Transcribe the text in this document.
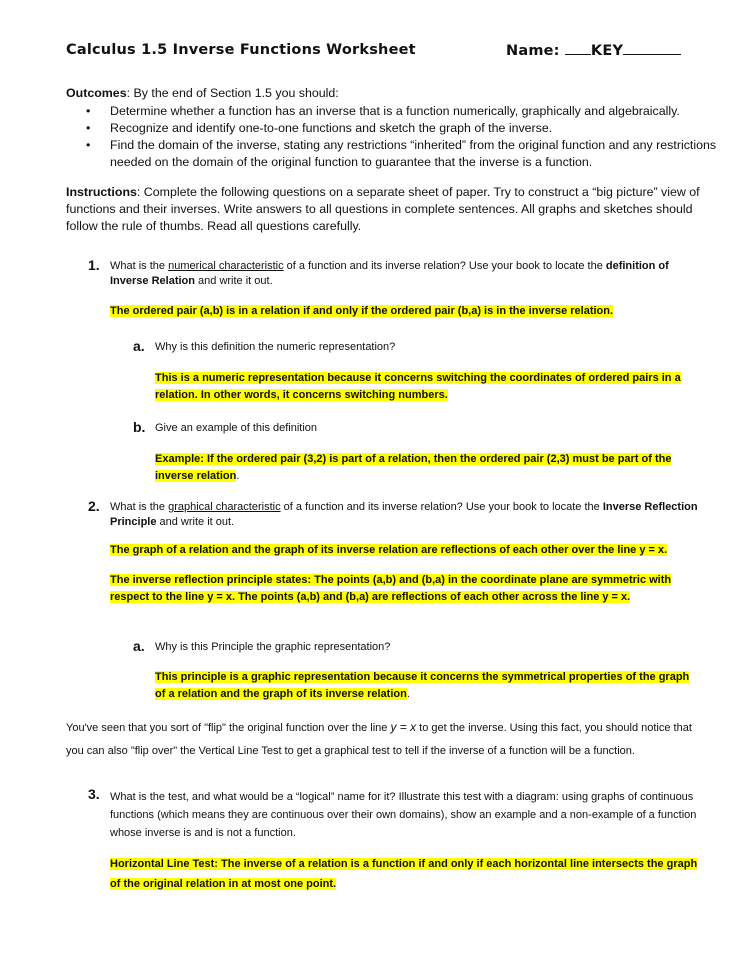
Calculus 1.5 Inverse Functions Worksheet	Name: KEY
Outcomes: By the end of Section 1.5 you should:
• Determine whether a function has an inverse that is a function numerically, graphically and algebraically.
• Recognize and identify one-to-one functions and sketch the graph of the inverse.
• Find the domain of the inverse, stating any restrictions “inherited” from the original function and any restrictions needed on the domain of the original function to guarantee that the inverse is a function.
Instructions: Complete the following questions on a separate sheet of paper. Try to construct a “big picture” view of functions and their inverses. Write answers to all questions in complete sentences. All graphs and sketches should follow the rule of thumbs. Read all questions carefully.
1. What is the numerical characteristic of a function and its inverse relation? Use your book to locate the definition of Inverse Relation and write it out.
The ordered pair (a,b) is in a relation if and only if the ordered pair (b,a) is in the inverse relation.
a. Why is this definition the numeric representation?
This is a numeric representation because it concerns switching the coordinates of ordered pairs in a relation. In other words, it concerns switching numbers.
b. Give an example of this definition
Example: If the ordered pair (3,2) is part of a relation, then the ordered pair (2,3) must be part of the inverse relation.
2. What is the graphical characteristic of a function and its inverse relation? Use your book to locate the Inverse Reflection Principle and write it out.
The graph of a relation and the graph of its inverse relation are reflections of each other over the line y = x.
The inverse reflection principle states: The points (a,b) and (b,a) in the coordinate plane are symmetric with respect to the line y = x. The points (a,b) and (b,a) are reflections of each other across the line y = x.
a. Why is this Principle the graphic representation?
This principle is a graphic representation because it concerns the symmetrical properties of the graph of a relation and the graph of its inverse relation.
You've seen that you sort of "flip" the original function over the line y = x to get the inverse. Using this fact, you should notice that you can also "flip over" the Vertical Line Test to get a graphical test to tell if the inverse of a function will be a function.
3. What is the test, and what would be a “logical” name for it? Illustrate this test with a diagram: using graphs of continuous functions (which means they are continuous over their own domains), show an example and a non-example of a function whose inverse is and is not a function.
Horizontal Line Test: The inverse of a relation is a function if and only if each horizontal line intersects the graph of the original relation in at most one point.
